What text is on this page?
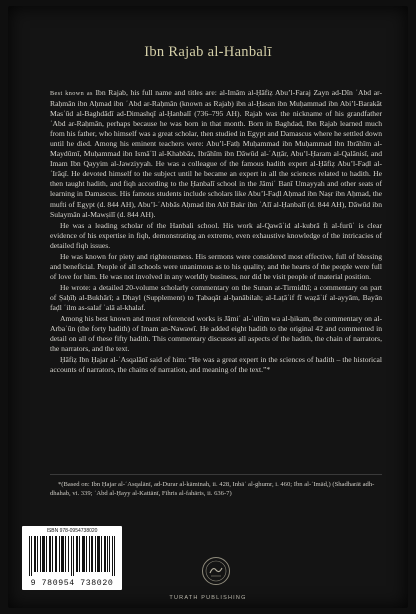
Ibn Rajab al-Hanbalī

Best known as Ibn Rajab, his full name and titles are: al-Imām al-Ḥāfiẓ Abu’l-Faraj Zayn ad-Dīn ʿAbd ar-Raḥmān ibn Aḥmad ibn ʿAbd ar-Raḥmān (known as Rajab) ibn al-Ḥasan ibn Muḥammad ibn Abi’l-Barakāt Masʿūd al-Baghdādī ad-Dimashqī al-Ḥanbalī (736–795 AH). Rajab was the nickname of his grandfather ʿAbd ar-Raḥmān, perhaps because he was born in that month. Born in Baghdad, Ibn Rajab learned much from his father, who himself was a great scholar, then studied in Egypt and Damascus where he settled down until he died. Among his eminent teachers were: Abu’l-Fatḥ Muḥammad ibn Muḥammad ibn Ibrāhīm al-Maydūmī, Muḥammad ibn Ismāʿīl al-Khabbāz, Ibrāhīm ibn Dāwūd al-ʿAṭṭār, Abu’l-Ḥaram al-Qalānisī, and Imam Ibn Qayyim al-Jawziyyah. He was a colleague of the famous hadith expert al-Ḥāfiẓ Abu’l-Faḍl al-ʿIrāqī. He devoted himself to the subject until he became an expert in all the sciences related to hadith. He then taught hadith, and fiqh according to the Ḥanbalī school in the Jāmiʿ Banī Umayyah and other seats of learning in Damascus. His famous students include scholars like Abu’l-Faḍl Aḥmad ibn Naṣr ibn Aḥmad, the mufti of Egypt (d. 844 AH), Abu’l-ʿAbbās Aḥmad ibn Abī Bakr ibn ʿAlī al-Ḥanbalī (d. 844 AH), Dāwūd ibn Sulaymān al-Mawṣilī (d. 844 AH).

He was a leading scholar of the Hanbali school. His work al-Qawāʿid al-kubrā fi al-furūʿ is clear evidence of his expertise in fiqh, demonstrating an extreme, even exhaustive knowledge of the intricacies of detailed fiqh issues.

He was known for piety and righteousness. His sermons were considered most effective, full of blessing and beneficial. People of all schools were unanimous as to his quality, and the hearts of the people were full of love for him. He was not involved in any worldly business, nor did he visit people of material position.

He wrote: a detailed 20-volume scholarly commentary on the Sunan at-Tirmidhī; a commentary on part of Ṣaḥīḥ al-Bukhārī; a Dhayl (Supplement) to Ṭabaqāt al-ḥanābilah; al-Laṭāʾif fī waẓāʾif al-ayyām, Bayān faḍl ʿilm as-salaf ʿalā al-khalaf.

Among his best known and most referenced works is Jāmiʿ al-ʿulūm wa al-ḥikam, the commentary on al-Arbaʿūn (the forty hadith) of Imam an-Nawawī. He added eight hadith to the original 42 and commented in detail on all of these fifty hadith. This commentary discusses all aspects of the hadith, the chain of narrators, the narrators, and the text.

Ḥāfiẓ Ibn Ḥajar al-ʿAsqalānī said of him: “He was a great expert in the sciences of hadith – the historical accounts of narrators, the chains of narration, and meaning of the text.”*

*(Based on: Ibn Ḥajar al-ʿAsqalānī, ad-Durar al-kāminah, ii. 428, Inbāʾ al-ghumr, i. 460; Ibn al-ʿImād,) (Shadharāt adh-dhahab, vi. 339; ʿAbd al-Ḥayy al-Kattānī, Fihris al-fahāris, ii. 636-7)

TURATH PUBLISHING
ISBN 978-0954738020
9 780954 738020
